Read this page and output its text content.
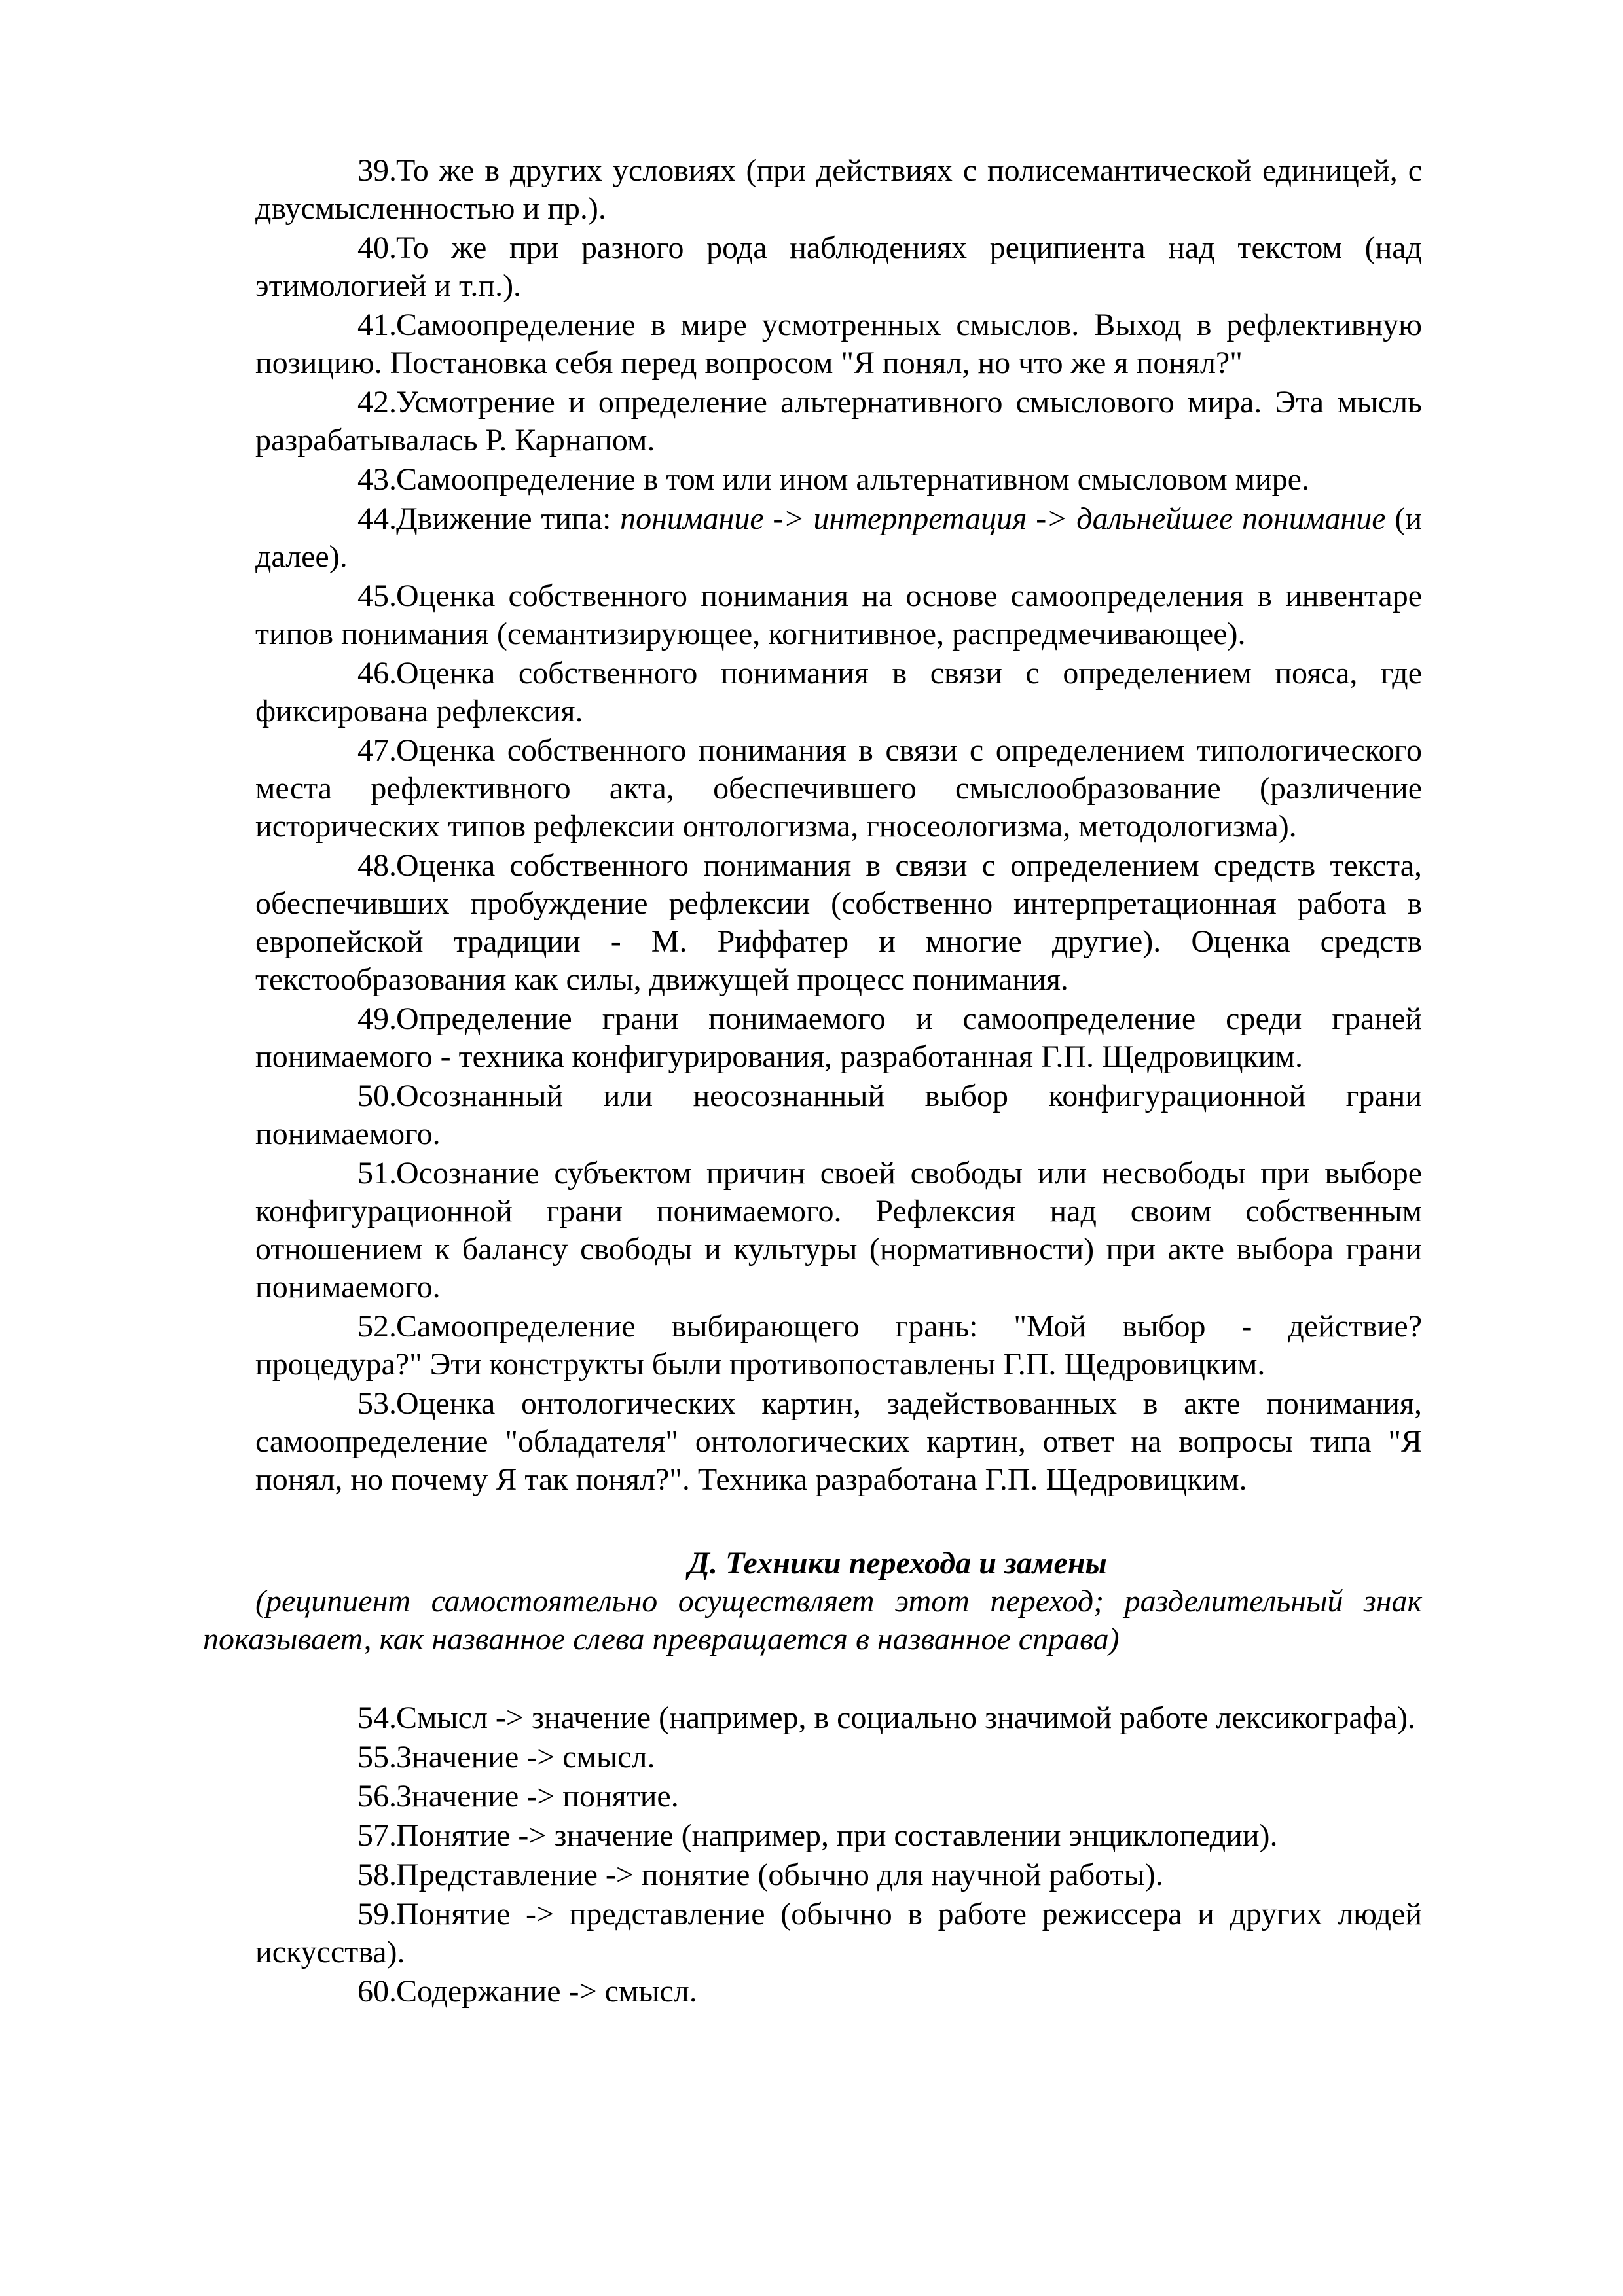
39 . То же в других условиях (при действиях с полисемантической единицей, с двусмысленностью и пр.).

40 . То же при разного рода наблюдениях реципиента над текстом (над этимологией и т.п.).

41 . Самоопределение в мире усмотренных смыслов. Выход в рефлективную позицию. Постановка себя перед вопросом "Я понял, но что же я понял?"

42 . Усмотрение и определение альтернативного смыслового мира. Эта мысль разрабатывалась Р. Карнапом.

43 . Самоопределение в том или ином альтернативном смысловом мире.

44 . Движение типа: понимание -> интерпретация -> дальнейшее понимание (и далее).

45 . Оценка собственного понимания на основе самоопределения в инвентаре типов понимания (семантизирующее, когнитивное, распредмечивающее).

46 . Оценка собственного понимания в связи с определением пояса, где фиксирована рефлексия.

47 . Оценка собственного понимания в связи с определением типологического места рефлективного акта, обеспечившего смыслообразование (различение исторических типов рефлексии онтологизма, гносеологизма, методологизма).

48 . Оценка собственного понимания в связи с определением средств текста, обеспечивших пробуждение рефлексии (собственно интерпретационная работа в европейской традиции - М. Риффатер и многие другие). Оценка средств текстообразования как силы, движущей процесс понимания.

49 . Определение грани понимаемого и самоопределение среди граней понимаемого - техника конфигурирования, разработанная Г.П. Щедровицким.

50 . Осознанный или неосознанный выбор конфигурационной грани понимаемого.

51 . Осознание субъектом причин своей свободы или несвободы при выборе конфигурационной грани понимаемого. Рефлексия над своим собственным отношением к балансу свободы и культуры (нормативности) при акте выбора грани понимаемого.

52 . Самоопределение выбирающего грань: "Мой выбор - действие? процедура?" Эти конструкты были противопоставлены Г.П. Щедровицким.

53 . Оценка онтологических картин, задействованных в акте понимания, самоопределение "обладателя" онтологических картин, ответ на вопросы типа "Я понял, но почему Я так понял?". Техника разработана Г.П. Щедровицким.

Д. Техники перехода и замены

(реципиент самостоятельно осуществляет этот переход; разделительный знак показывает, как названное слева превращается в названное справа)

54 . Смысл -> значение (например, в социально значимой работе лексикографа).

55 . Значение -> смысл.

56 . Значение -> понятие.

57 . Понятие -> значение (например, при составлении энциклопедии).

58 . Представление -> понятие (обычно для научной работы).

59 . Понятие -> представление (обычно в работе режиссера и других людей искусства).

60 . Содержание -> смысл.
